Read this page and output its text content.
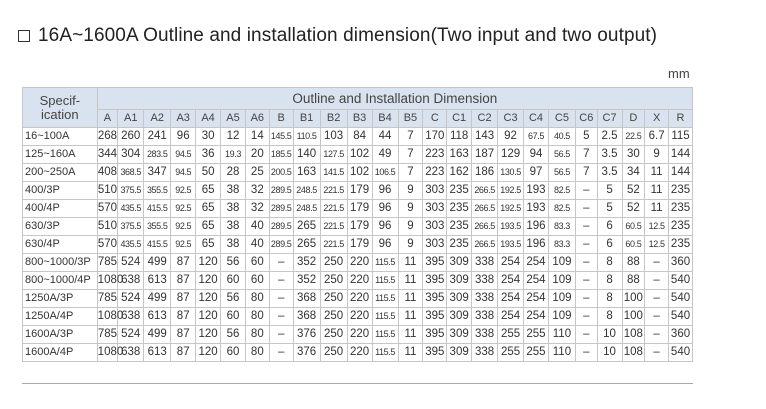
16A~1600A Outline and installation dimension(Two input and two output)
mm
Specif-
ication	Outline and Installation Dimension																							
	A	A1	A2	A3	A4	A5	A6	B	B1	B2	B3	B4	B5	C	C1	C2	C3	C4	C5	C6	C7	D	X	R
16~100A	268	260	241	96	30	12	14	145.5	110.5	103	84	44	7	170	118	143	92	67.5	40.5	5	2.5	22.5	6.7	115
125~160A	344	304	283.5	94.5	36	19.3	20	185.5	140	127.5	102	49	7	223	163	187	129	94	56.5	7	3.5	30	9	144
200~250A	408	368.5	347	94.5	50	28	25	200.5	163	141.5	102	106.5	7	223	162	186	130.5	97	56.5	7	3.5	34	11	144
400/3P	510	375.5	355.5	92.5	65	38	32	289.5	248.5	221.5	179	96	9	303	235	266.5	192.5	193	82.5	–	5	52	11	235
400/4P	570	435.5	415.5	92.5	65	38	32	289.5	248.5	221.5	179	96	9	303	235	266.5	192.5	193	82.5	–	5	52	11	235
630/3P	510	375.5	355.5	92.5	65	38	40	289.5	265	221.5	179	96	9	303	235	266.5	193.5	196	83.3	–	6	60.5	12.5	235
630/4P	570	435.5	415.5	92.5	65	38	40	289.5	265	221.5	179	96	9	303	235	266.5	193.5	196	83.3	–	6	60.5	12.5	235
800~1000/3P	785	524	499	87	120	56	60	–	352	250	220	115.5	11	395	309	338	254	254	109	–	8	88	–	360
800~1000/4P	1080	638	613	87	120	60	60	–	352	250	220	115.5	11	395	309	338	254	254	109	–	8	88	–	540
1250A/3P	785	524	499	87	120	56	80	–	368	250	220	115.5	11	395	309	338	254	254	109	–	8	100	–	540
1250A/4P	1080	638	613	87	120	60	80	–	368	250	220	115.5	11	395	309	338	254	254	109	–	8	100	–	540
1600A/3P	785	524	499	87	120	56	80	–	376	250	220	115.5	11	395	309	338	255	255	110	–	10	108	–	360
1600A/4P	1080	638	613	87	120	60	80	–	376	250	220	115.5	11	395	309	338	255	255	110	–	10	108	–	540
